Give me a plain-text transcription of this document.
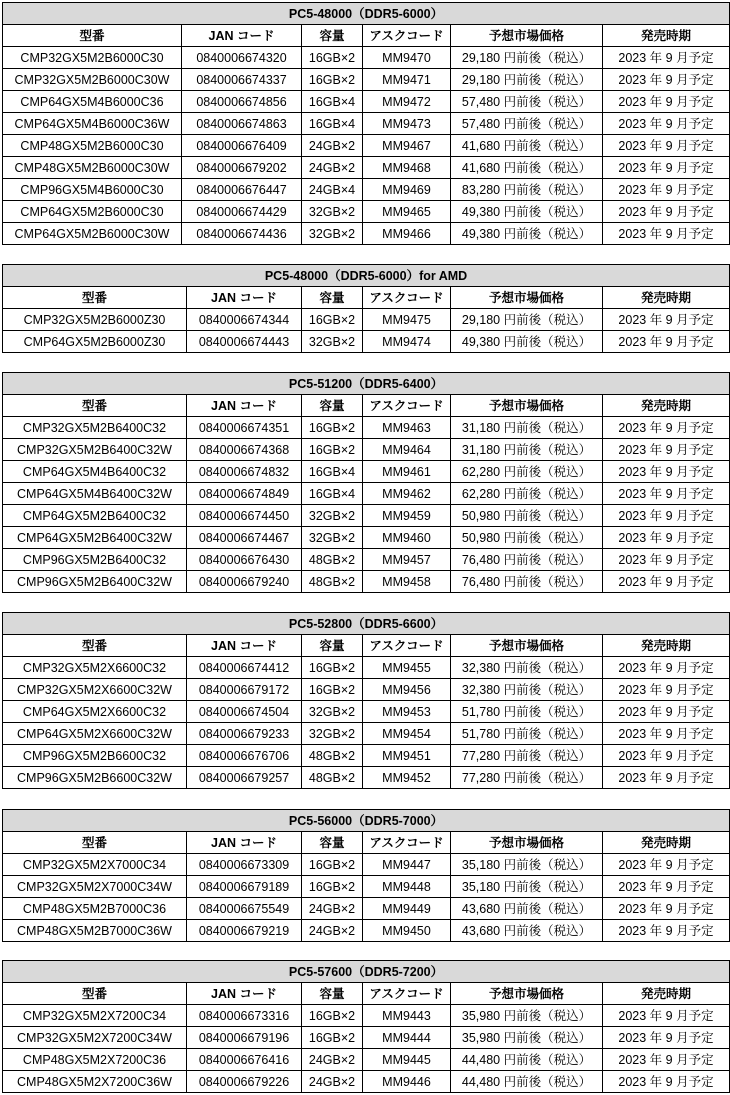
PC5-48000（DDR5-6000）					
型番	JAN コード	容量	アスクコード	予想市場価格	発売時期
CMP32GX5M2B6000C30	0840006674320	16GB×2	MM9470	29,180 円前後（税込）	2023 年 9 月予定
CMP32GX5M2B6000C30W	0840006674337	16GB×2	MM9471	29,180 円前後（税込）	2023 年 9 月予定
CMP64GX5M4B6000C36	0840006674856	16GB×4	MM9472	57,480 円前後（税込）	2023 年 9 月予定
CMP64GX5M4B6000C36W	0840006674863	16GB×4	MM9473	57,480 円前後（税込）	2023 年 9 月予定
CMP48GX5M2B6000C30	0840006676409	24GB×2	MM9467	41,680 円前後（税込）	2023 年 9 月予定
CMP48GX5M2B6000C30W	0840006679202	24GB×2	MM9468	41,680 円前後（税込）	2023 年 9 月予定
CMP96GX5M4B6000C30	0840006676447	24GB×4	MM9469	83,280 円前後（税込）	2023 年 9 月予定
CMP64GX5M2B6000C30	0840006674429	32GB×2	MM9465	49,380 円前後（税込）	2023 年 9 月予定
CMP64GX5M2B6000C30W	0840006674436	32GB×2	MM9466	49,380 円前後（税込）	2023 年 9 月予定
PC5-48000（DDR5-6000）for AMD					
型番	JAN コード	容量	アスクコード	予想市場価格	発売時期
CMP32GX5M2B6000Z30	0840006674344	16GB×2	MM9475	29,180 円前後（税込）	2023 年 9 月予定
CMP64GX5M2B6000Z30	0840006674443	32GB×2	MM9474	49,380 円前後（税込）	2023 年 9 月予定
PC5-51200（DDR5-6400）					
型番	JAN コード	容量	アスクコード	予想市場価格	発売時期
CMP32GX5M2B6400C32	0840006674351	16GB×2	MM9463	31,180 円前後（税込）	2023 年 9 月予定
CMP32GX5M2B6400C32W	0840006674368	16GB×2	MM9464	31,180 円前後（税込）	2023 年 9 月予定
CMP64GX5M4B6400C32	0840006674832	16GB×4	MM9461	62,280 円前後（税込）	2023 年 9 月予定
CMP64GX5M4B6400C32W	0840006674849	16GB×4	MM9462	62,280 円前後（税込）	2023 年 9 月予定
CMP64GX5M2B6400C32	0840006674450	32GB×2	MM9459	50,980 円前後（税込）	2023 年 9 月予定
CMP64GX5M2B6400C32W	0840006674467	32GB×2	MM9460	50,980 円前後（税込）	2023 年 9 月予定
CMP96GX5M2B6400C32	0840006676430	48GB×2	MM9457	76,480 円前後（税込）	2023 年 9 月予定
CMP96GX5M2B6400C32W	0840006679240	48GB×2	MM9458	76,480 円前後（税込）	2023 年 9 月予定
PC5-52800（DDR5-6600）					
型番	JAN コード	容量	アスクコード	予想市場価格	発売時期
CMP32GX5M2X6600C32	0840006674412	16GB×2	MM9455	32,380 円前後（税込）	2023 年 9 月予定
CMP32GX5M2X6600C32W	0840006679172	16GB×2	MM9456	32,380 円前後（税込）	2023 年 9 月予定
CMP64GX5M2X6600C32	0840006674504	32GB×2	MM9453	51,780 円前後（税込）	2023 年 9 月予定
CMP64GX5M2X6600C32W	0840006679233	32GB×2	MM9454	51,780 円前後（税込）	2023 年 9 月予定
CMP96GX5M2B6600C32	0840006676706	48GB×2	MM9451	77,280 円前後（税込）	2023 年 9 月予定
CMP96GX5M2B6600C32W	0840006679257	48GB×2	MM9452	77,280 円前後（税込）	2023 年 9 月予定
PC5-56000（DDR5-7000）					
型番	JAN コード	容量	アスクコード	予想市場価格	発売時期
CMP32GX5M2X7000C34	0840006673309	16GB×2	MM9447	35,180 円前後（税込）	2023 年 9 月予定
CMP32GX5M2X7000C34W	0840006679189	16GB×2	MM9448	35,180 円前後（税込）	2023 年 9 月予定
CMP48GX5M2B7000C36	0840006675549	24GB×2	MM9449	43,680 円前後（税込）	2023 年 9 月予定
CMP48GX5M2B7000C36W	0840006679219	24GB×2	MM9450	43,680 円前後（税込）	2023 年 9 月予定
PC5-57600（DDR5-7200）					
型番	JAN コード	容量	アスクコード	予想市場価格	発売時期
CMP32GX5M2X7200C34	0840006673316	16GB×2	MM9443	35,980 円前後（税込）	2023 年 9 月予定
CMP32GX5M2X7200C34W	0840006679196	16GB×2	MM9444	35,980 円前後（税込）	2023 年 9 月予定
CMP48GX5M2X7200C36	0840006676416	24GB×2	MM9445	44,480 円前後（税込）	2023 年 9 月予定
CMP48GX5M2X7200C36W	0840006679226	24GB×2	MM9446	44,480 円前後（税込）	2023 年 9 月予定
